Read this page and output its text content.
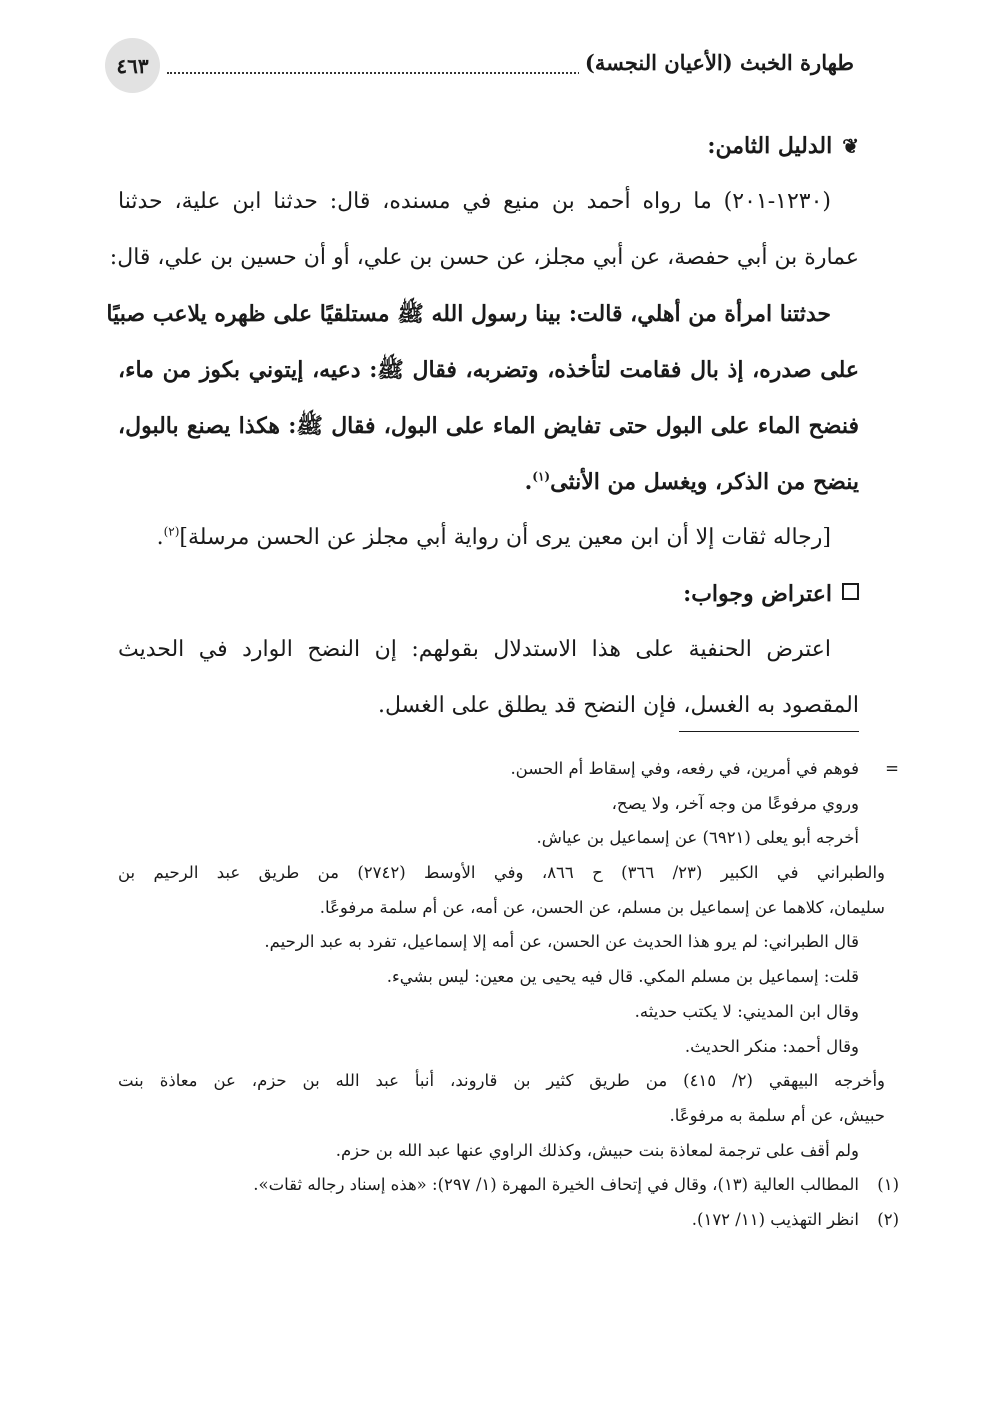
طهارة الخبث (الأعيان النجسة)
٤٦٣
❦الدليل الثامن:
(١٢٣٠-٢٠١) ما رواه أحمد بن منيع في مسنده، قال: حدثنا ابن علية، حدثنا
عمارة بن أبي حفصة، عن أبي مجلز، عن حسن بن علي، أو أن حسين بن علي، قال:
حدثتنا امرأة من أهلي، قالت: بينا رسول الله ﷺ مستلقيًا على ظهره يلاعب صبيًا
على صدره، إذ بال فقامت لتأخذه، وتضربه، فقال ﷺ: دعيه، إيتوني بكوز من ماء،
فنضح الماء على البول حتى تفايض الماء على البول، فقال ﷺ: هكذا يصنع بالبول،
ينضح من الذكر، ويغسل من الأنثى$^{(١)}$.
[رجاله ثقات إلا أن ابن معين يرى أن رواية أبي مجلز عن الحسن مرسلة]$^{(٢)}$.
اعتراض وجواب:
اعترض الحنفية على هذا الاستدلال بقولهم: إن النضح الوارد في الحديث
المقصود به الغسل، فإن النضح قد يطلق على الغسل.
=فوهم في أمرين، في رفعه، وفي إسقاط أم الحسن.
وروي مرفوعًا من وجه آخر، ولا يصح،
أخرجه أبو يعلى (٦٩٢١) عن إسماعيل بن عياش.
والطبراني في الكبير (٢٣/ ٣٦٦) ح ٨٦٦، وفي الأوسط (٢٧٤٢) من طريق عبد الرحيم بن
سليمان، كلاهما عن إسماعيل بن مسلم، عن الحسن، عن أمه، عن أم سلمة مرفوعًا.
قال الطبراني: لم يرو هذا الحديث عن الحسن، عن أمه إلا إسماعيل، تفرد به عبد الرحيم.
قلت: إسماعيل بن مسلم المكي. قال فيه يحيى ين معين: ليس بشيء.
وقال ابن المديني: لا يكتب حديثه.
وقال أحمد: منكر الحديث.
وأخرجه البيهقي (٢/ ٤١٥) من طريق كثير بن قاروند، أنبأ عبد الله بن حزم، عن معاذة بنت
حبيش، عن أم سلمة به مرفوعًا.
ولم أقف على ترجمة لمعاذة بنت حبيش، وكذلك الراوي عنها عبد الله بن حزم.
(١)المطالب العالية (١٣)، وقال في إتحاف الخيرة المهرة (١/ ٢٩٧): «هذه إسناد رجاله ثقات».
(٢)انظر التهذيب (١١/ ١٧٢).
